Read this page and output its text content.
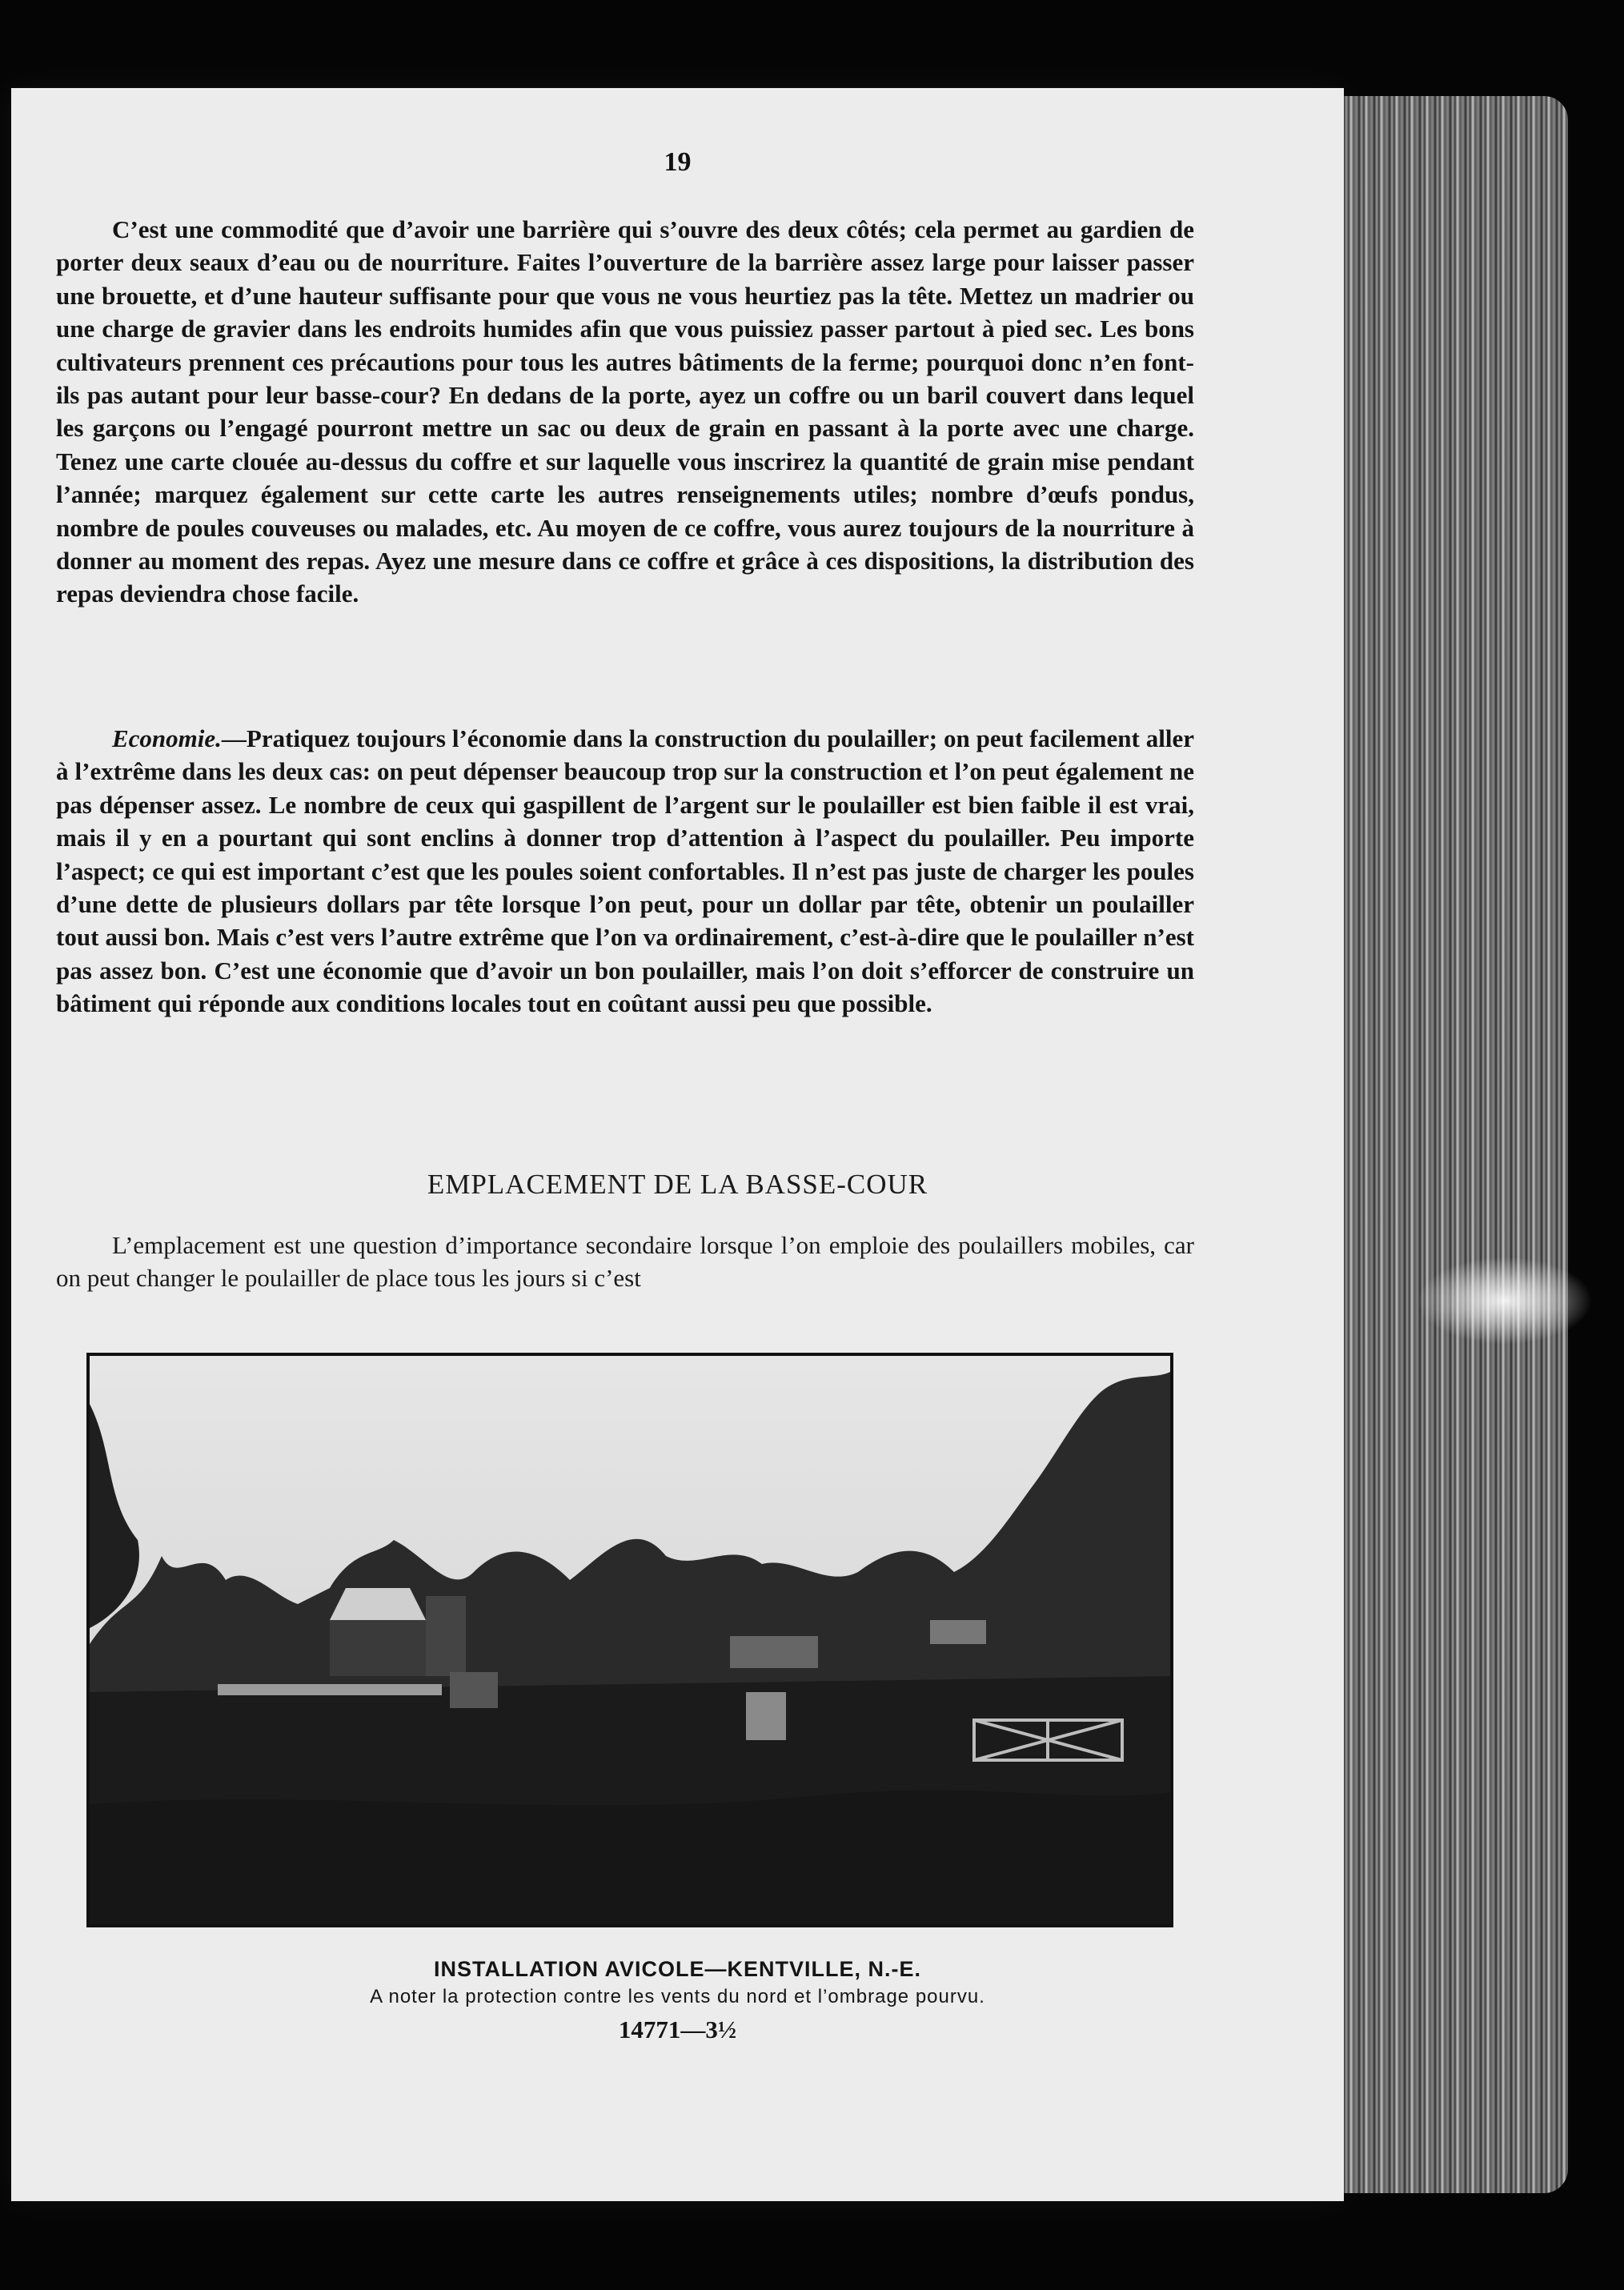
19

C’est une commodité que d’avoir une barrière qui s’ouvre des deux côtés; cela permet au gardien de porter deux seaux d’eau ou de nourriture. Faites l’ouverture de la barrière assez large pour laisser passer une brouette, et d’une hauteur suffisante pour que vous ne vous heurtiez pas la tête. Mettez un madrier ou une charge de gravier dans les endroits humides afin que vous puissiez passer partout à pied sec. Les bons cultivateurs prennent ces précautions pour tous les autres bâtiments de la ferme; pourquoi donc n’en font-ils pas autant pour leur basse-cour? En dedans de la porte, ayez un coffre ou un baril couvert dans lequel les garçons ou l’engagé pourront mettre un sac ou deux de grain en passant à la porte avec une charge. Tenez une carte clouée au-dessus du coffre et sur laquelle vous inscrirez la quantité de grain mise pendant l’année; marquez également sur cette carte les autres renseignements utiles; nombre d’œufs pondus, nombre de poules couveuses ou malades, etc. Au moyen de ce coffre, vous aurez toujours de la nourriture à donner au moment des repas. Ayez une mesure dans ce coffre et grâce à ces dispositions, la distribution des repas deviendra chose facile.

Economie.—Pratiquez toujours l’économie dans la construction du poulailler; on peut facilement aller à l’extrême dans les deux cas: on peut dépenser beaucoup trop sur la construction et l’on peut également ne pas dépenser assez. Le nombre de ceux qui gaspillent de l’argent sur le poulailler est bien faible il est vrai, mais il y en a pourtant qui sont enclins à donner trop d’attention à l’aspect du poulailler. Peu importe l’aspect; ce qui est important c’est que les poules soient confortables. Il n’est pas juste de charger les poules d’une dette de plusieurs dollars par tête lorsque l’on peut, pour un dollar par tête, obtenir un poulailler tout aussi bon. Mais c’est vers l’autre extrême que l’on va ordinairement, c’est-à-dire que le poulailler n’est pas assez bon. C’est une économie que d’avoir un bon poulailler, mais l’on doit s’efforcer de construire un bâtiment qui réponde aux conditions locales tout en coûtant aussi peu que possible.

EMPLACEMENT DE LA BASSE-COUR

L’emplacement est une question d’importance secondaire lorsque l’on emploie des poulaillers mobiles, car on peut changer le poulailler de place tous les jours si c’est

INSTALLATION AVICOLE—KENTVILLE, N.-E.
A noter la protection contre les vents du nord et l’ombrage pourvu.
14771—3½
